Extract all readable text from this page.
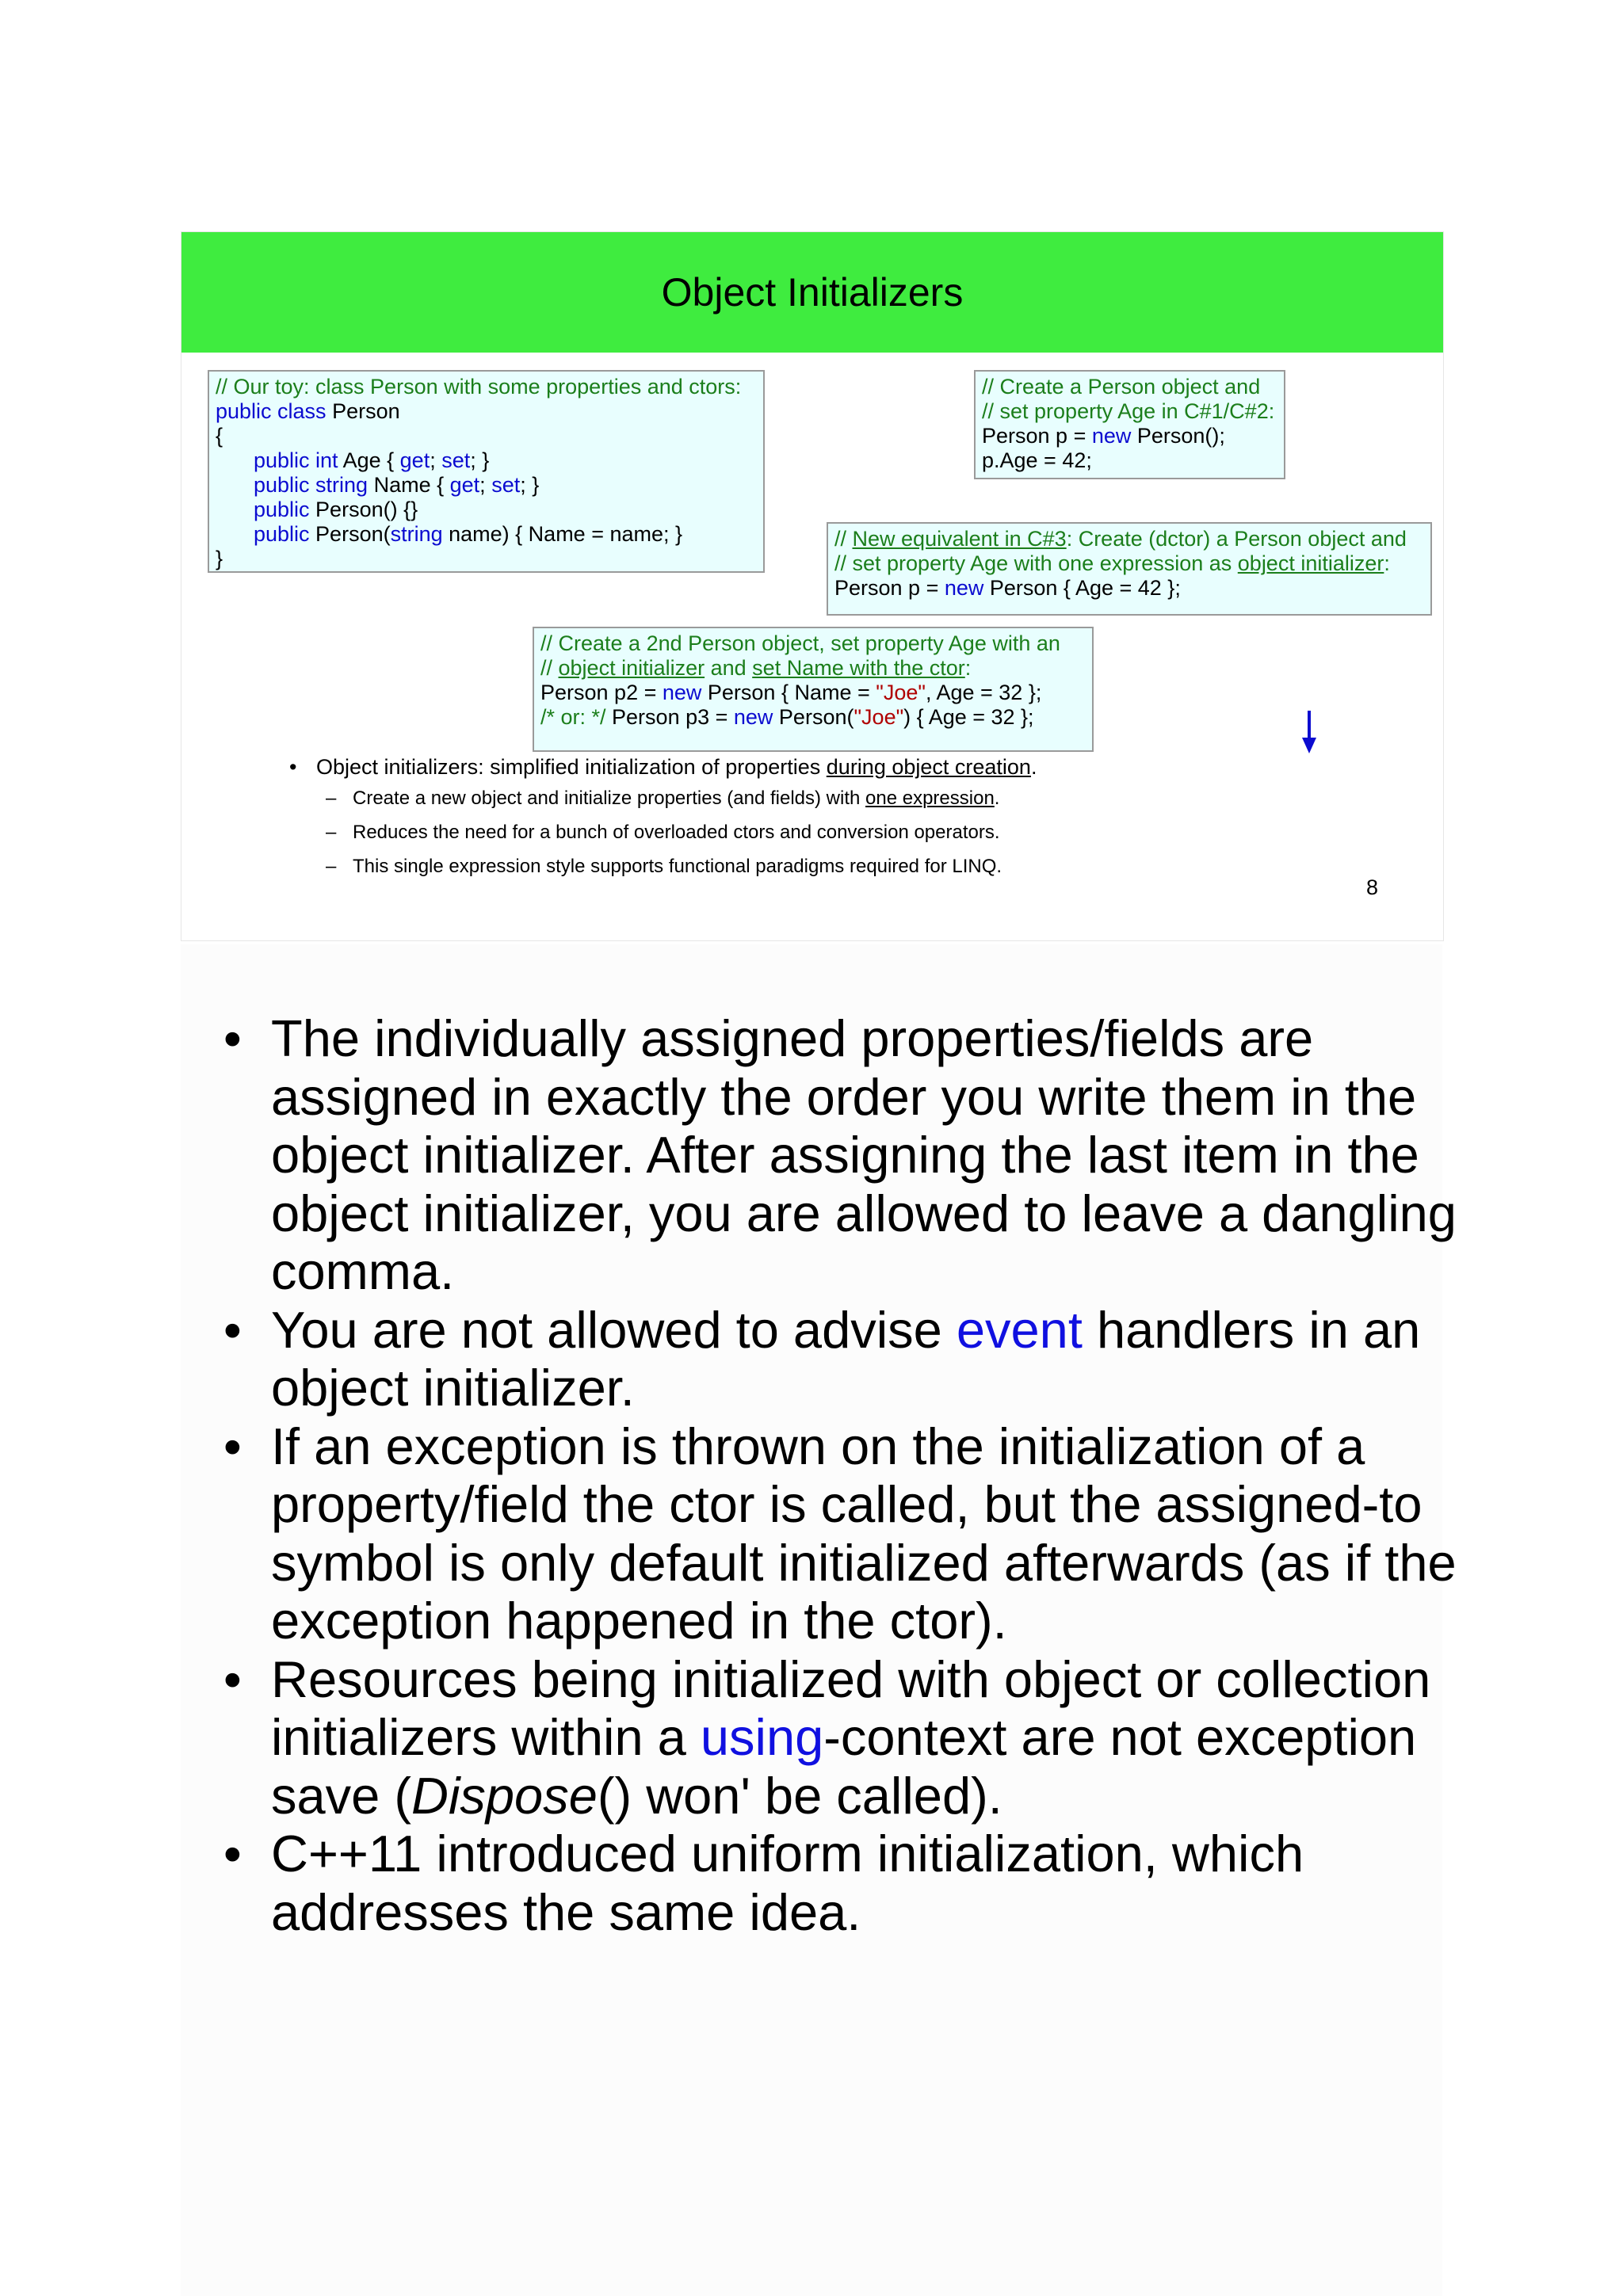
Object Initializers
// Our toy: class Person with some properties and ctors:
public class Person
{
public int Age { get; set; }
public string Name { get; set; }
public Person() {}
public Person(string name) { Name = name; }
}
// Create a Person object and
// set property Age in C#1/C#2:
Person p = new Person();
p.Age = 42;
// New equivalent in C#3: Create (dctor) a Person object and
// set property Age with one expression as object initializer:
Person p = new Person { Age = 42 };
// Create a 2nd Person object, set property Age with an
// object initializer and set Name with the ctor:
Person p2 = new Person { Name = "Joe", Age = 32 };
/* or: */ Person p3 = new Person("Joe") { Age = 32 };
• Object initializers: simplified initialization of properties during object creation.
– Create a new object and initialize properties (and fields) with one expression.
– Reduces the need for a bunch of overloaded ctors and conversion operators.
– This single expression style supports functional paradigms required for LINQ.
8
• The individually assigned properties/fields are assigned in exactly the order you write them in the object initializer. After assigning the last item in the object initializer, you are allowed to leave a dangling comma.
• You are not allowed to advise event handlers in an object initializer.
• If an exception is thrown on the initialization of a property/field the ctor is called, but the assigned-to symbol is only default initialized afterwards (as if the exception happened in the ctor).
• Resources being initialized with object or collection initializers within a using-context are not exception save (Dispose() won' be called).
• C++11 introduced uniform initialization, which addresses the same idea.
